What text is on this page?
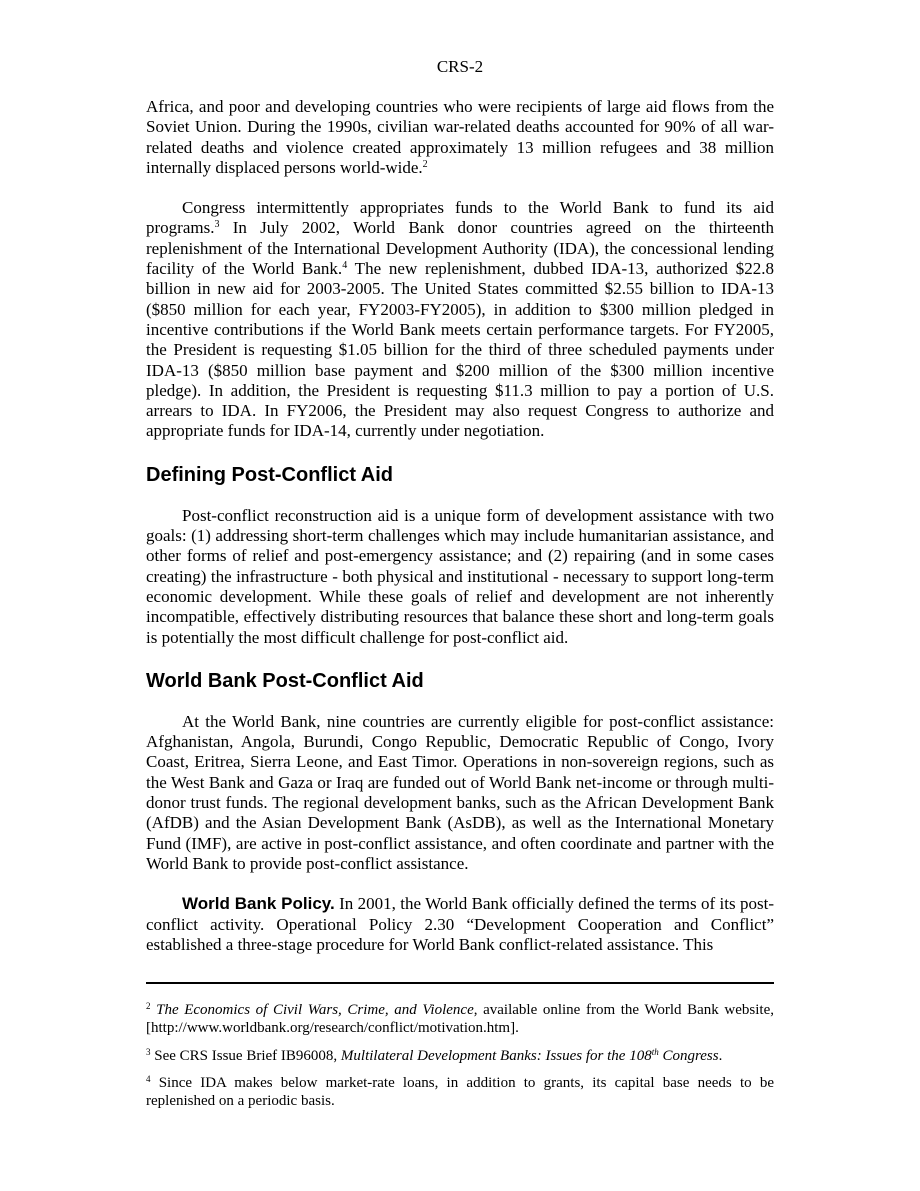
CRS-2

Africa, and poor and developing countries who were recipients of large aid flows from the Soviet Union. During the 1990s, civilian war-related deaths accounted for 90% of all war-related deaths and violence created approximately 13 million refugees and 38 million internally displaced persons world-wide.$^2$

Congress intermittently appropriates funds to the World Bank to fund its aid programs.$^3$ In July 2002, World Bank donor countries agreed on the thirteenth replenishment of the International Development Authority (IDA), the concessional lending facility of the World Bank.$^4$ The new replenishment, dubbed IDA-13, authorized $22.8 billion in new aid for 2003-2005. The United States committed $2.55 billion to IDA-13 ($850 million for each year, FY2003-FY2005), in addition to $300 million pledged in incentive contributions if the World Bank meets certain performance targets. For FY2005, the President is requesting $1.05 billion for the third of three scheduled payments under IDA-13 ($850 million base payment and $200 million of the $300 million incentive pledge). In addition, the President is requesting $11.3 million to pay a portion of U.S. arrears to IDA. In FY2006, the President may also request Congress to authorize and appropriate funds for IDA-14, currently under negotiation.

Defining Post-Conflict Aid

Post-conflict reconstruction aid is a unique form of development assistance with two goals: (1) addressing short-term challenges which may include humanitarian assistance, and other forms of relief and post-emergency assistance; and (2) repairing (and in some cases creating) the infrastructure - both physical and institutional - necessary to support long-term economic development. While these goals of relief and development are not inherently incompatible, effectively distributing resources that balance these short and long-term goals is potentially the most difficult challenge for post-conflict aid.

World Bank Post-Conflict Aid

At the World Bank, nine countries are currently eligible for post-conflict assistance: Afghanistan, Angola, Burundi, Congo Republic, Democratic Republic of Congo, Ivory Coast, Eritrea, Sierra Leone, and East Timor. Operations in non-sovereign regions, such as the West Bank and Gaza or Iraq are funded out of World Bank net-income or through multi-donor trust funds. The regional development banks, such as the African Development Bank (AfDB) and the Asian Development Bank (AsDB), as well as the International Monetary Fund (IMF), are active in post-conflict assistance, and often coordinate and partner with the World Bank to provide post-conflict assistance.

World Bank Policy. In 2001, the World Bank officially defined the terms of its post-conflict activity. Operational Policy 2.30 “Development Cooperation and Conflict” established a three-stage procedure for World Bank conflict-related assistance. This

$^2$ The Economics of Civil Wars, Crime, and Violence, available online from the World Bank website, [http://www.worldbank.org/research/conflict/motivation.htm].

$^3$ See CRS Issue Brief IB96008, Multilateral Development Banks: Issues for the 108th Congress.

$^4$ Since IDA makes below market-rate loans, in addition to grants, its capital base needs to be replenished on a periodic basis.
